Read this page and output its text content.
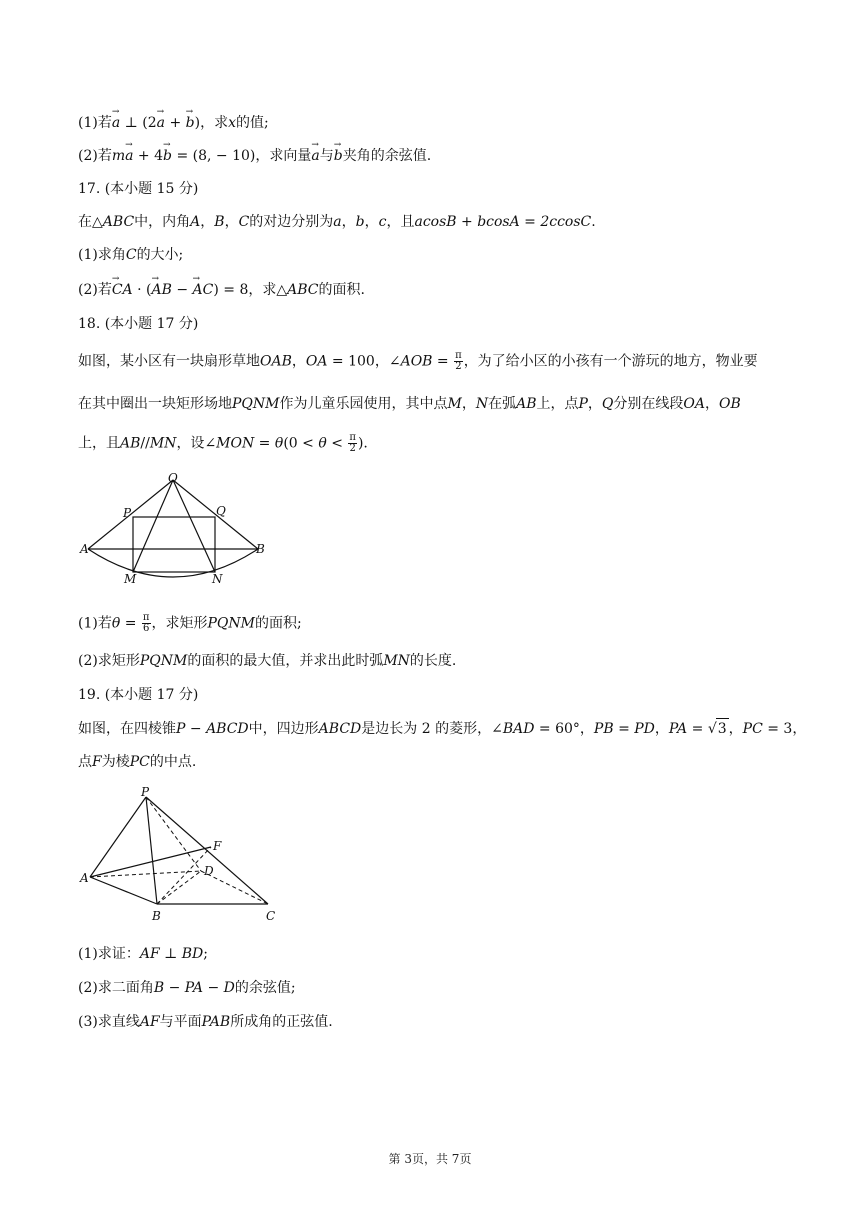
(1)若→ a ⊥ (2→ a + → b)，求x的值;
(2)若m→ a + 4→ b = (8, − 10)，求向量→ a与→ b夹角的余弦值.
17. (本小题 15 分)
在△ABC中，内角A，B，C的对边分别为a，b，c，且acosB + bcosA = 2ccosC.
(1)求角C的大小;
(2)若→ CA · (→ AB − → AC) = 8，求△ABC的面积.
18. (本小题 17 分)
如图，某小区有一块扇形草地OAB，OA = 100，∠AOB = $\frac{\pi}{2}$ ，为了给小区的小孩有一个游玩的地方，物业要
在其中圈出一块矩形场地PQNM作为儿童乐园使用，其中点M，N在弧AB上，点P，Q分别在线段OA，OB
上，且AB//MN，设∠MON = $\theta(0 < \theta < \frac{\pi}{2}$ ).
O
P	Q
A	B
M	N
(1)若$\theta = \frac{\pi}{6}$ ，求矩形PQNM的面积;
(2)求矩形PQNM的面积的最大值，并求出此时弧MN的长度.
19. (本小题 17 分)
如图，在四棱锥P − ABCD中，四边形ABCD是边长为 2 的菱形，∠BAD = 60°，PB = PD，PA = √3 ，PC = 3，
点F为棱PC的中点.
P
F
A	D
B	C
(1)求证：AF ⊥ BD;
(2)求二面角B − PA − D的余弦值;
(3)求直线AF与平面PAB所成角的正弦值.
第 3页，共 7页
